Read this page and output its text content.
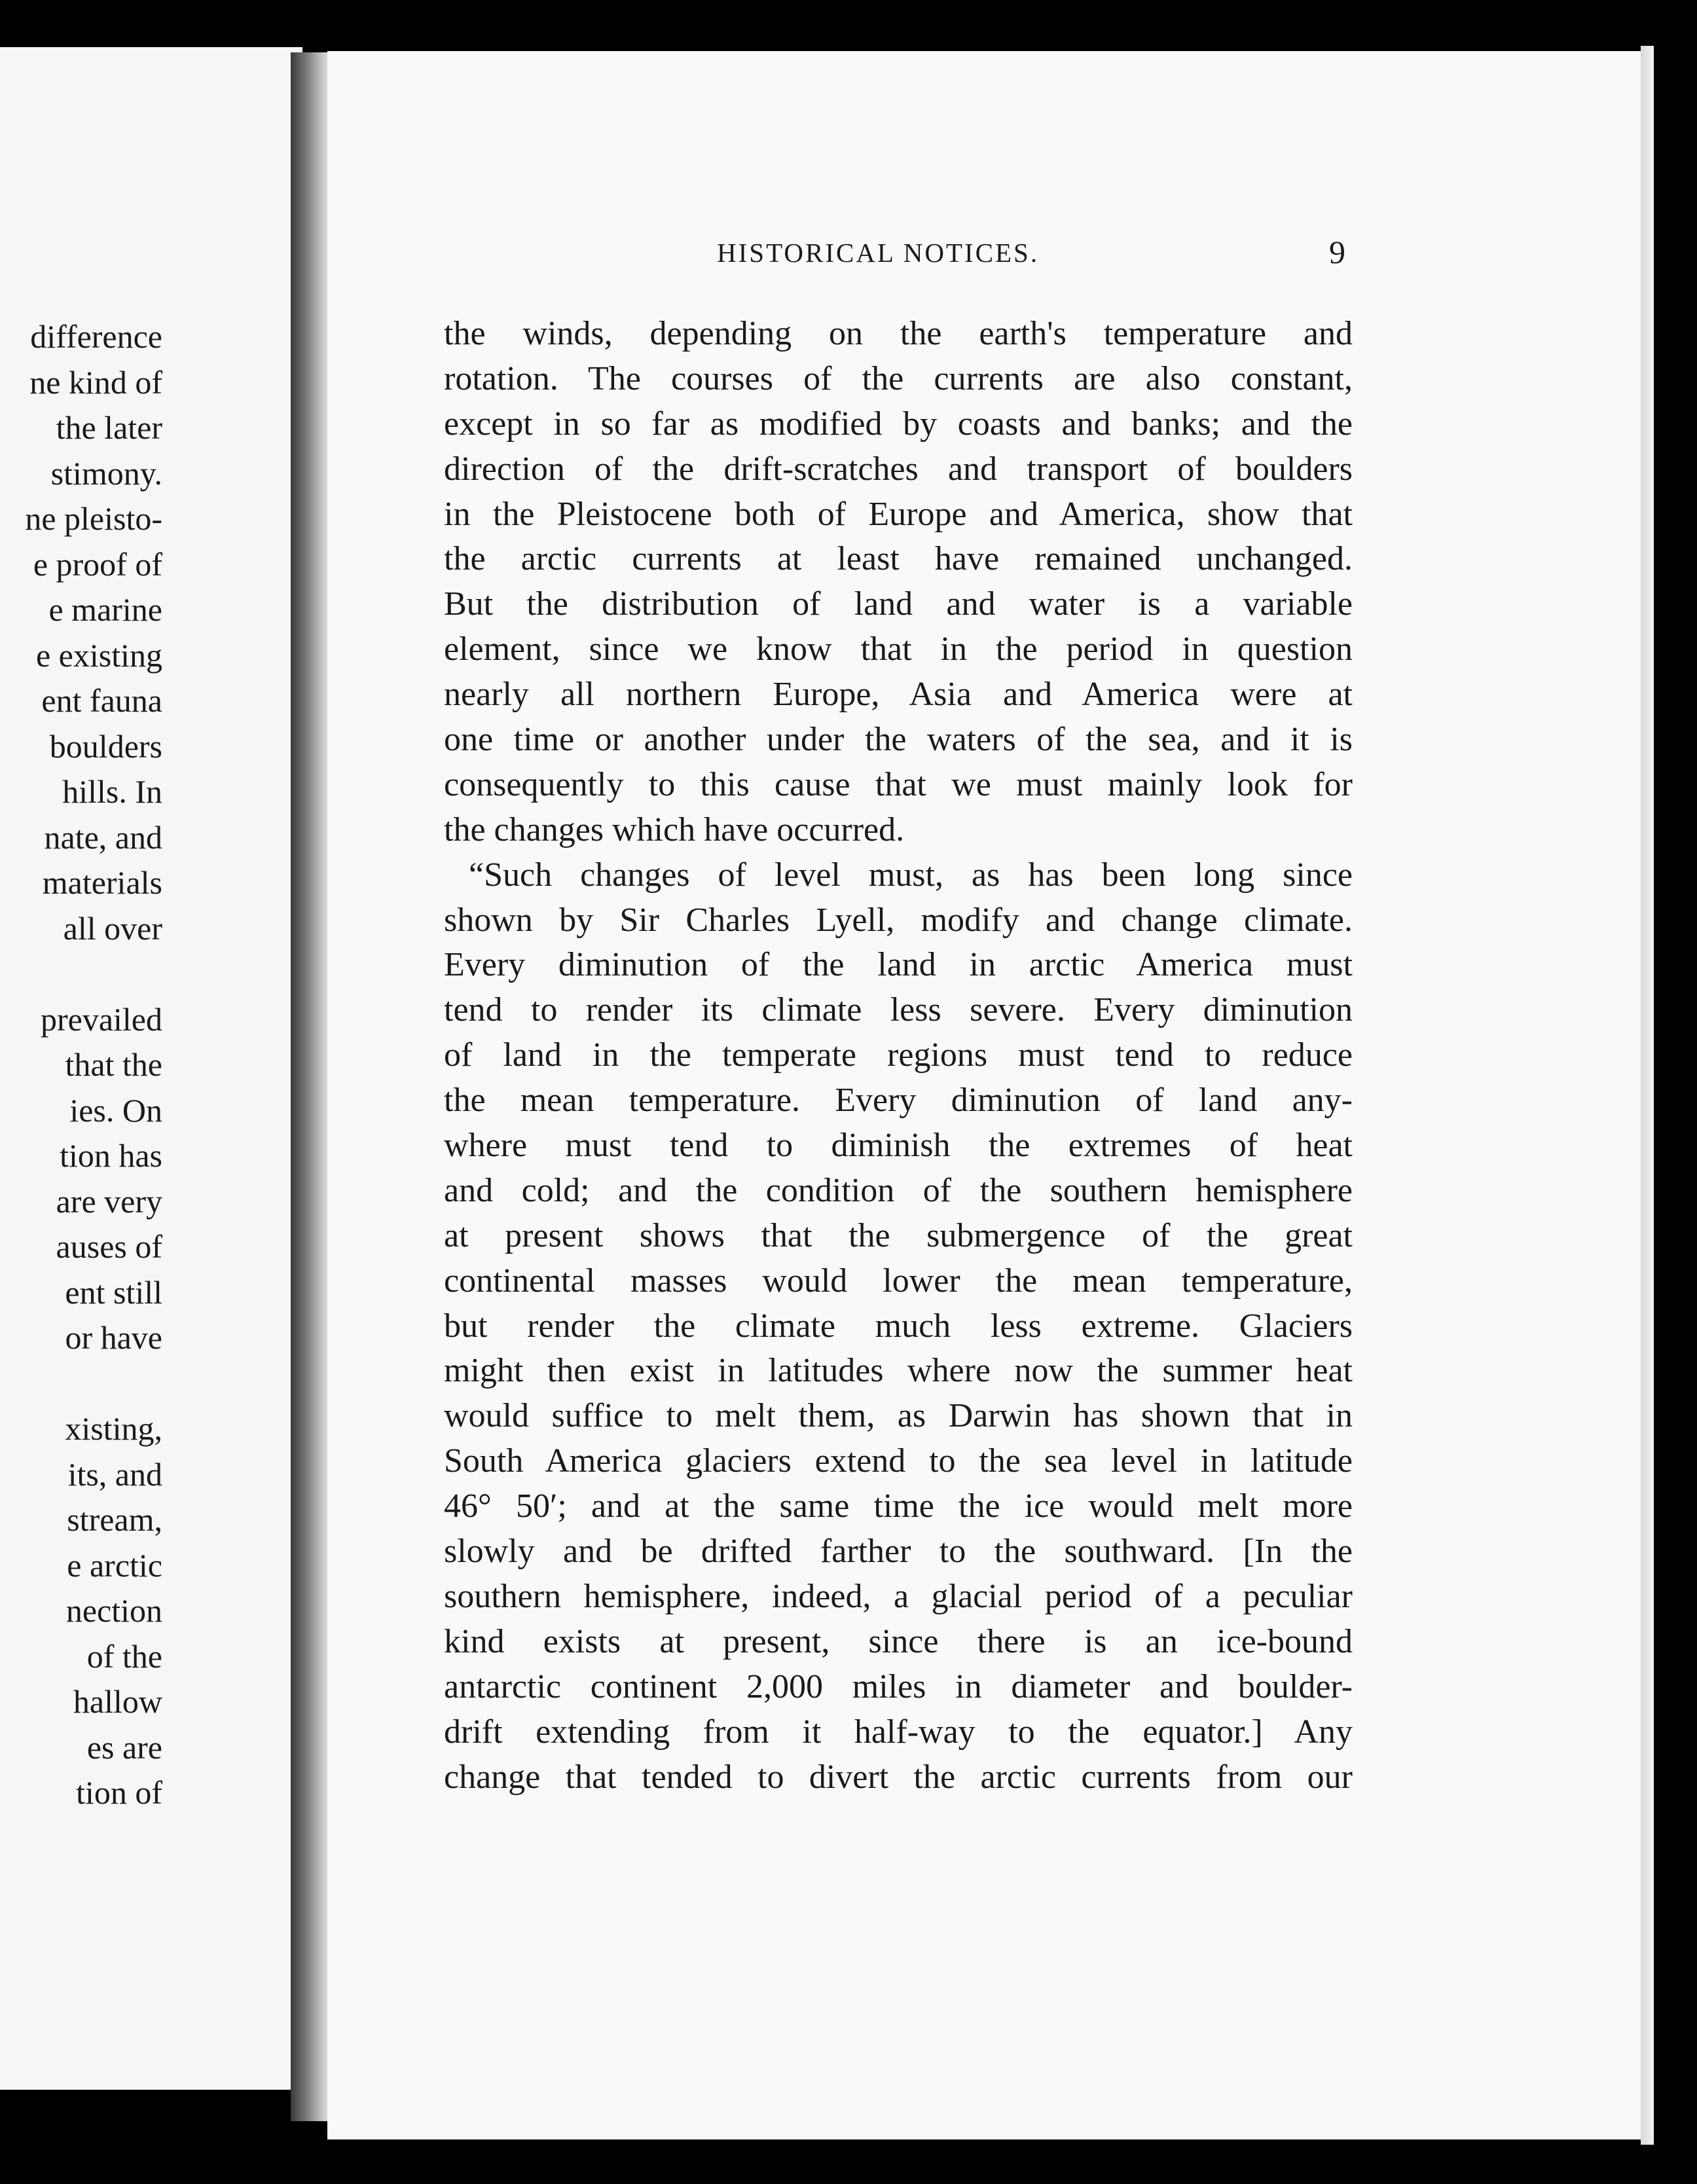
difference
ne kind of
the later
stimony.
ne pleisto-
e proof of
e marine
e existing
ent fauna
boulders
hills. In
nate, and
materials
all over
prevailed
that the
ies. On
tion has
are very
auses of
ent still
or have
xisting,
its, and
stream,
e arctic
nection
of the
hallow
es are
tion of
HISTORICAL NOTICES.	9
the winds, depending on the earth's temperature and
rotation. The courses of the currents are also constant,
except in so far as modified by coasts and banks; and the
direction of the drift-scratches and transport of boulders
in the Pleistocene both of Europe and America, show that
the arctic currents at least have remained unchanged.
But the distribution of land and water is a variable
element, since we know that in the period in question
nearly all northern Europe, Asia and America were at
one time or another under the waters of the sea, and it is
consequently to this cause that we must mainly look for
the changes which have occurred.
“Such changes of level must, as has been long since
shown by Sir Charles Lyell, modify and change climate.
Every diminution of the land in arctic America must
tend to render its climate less severe. Every diminution
of land in the temperate regions must tend to reduce
the mean temperature. Every diminution of land any-
where must tend to diminish the extremes of heat
and cold; and the condition of the southern hemisphere
at present shows that the submergence of the great
continental masses would lower the mean temperature,
but render the climate much less extreme. Glaciers
might then exist in latitudes where now the summer heat
would suffice to melt them, as Darwin has shown that in
South America glaciers extend to the sea level in latitude
46° 50′; and at the same time the ice would melt more
slowly and be drifted farther to the southward. [In the
southern hemisphere, indeed, a glacial period of a peculiar
kind exists at present, since there is an ice-bound
antarctic continent 2,000 miles in diameter and boulder-
drift extending from it half-way to the equator.] Any
change that tended to divert the arctic currents from our
